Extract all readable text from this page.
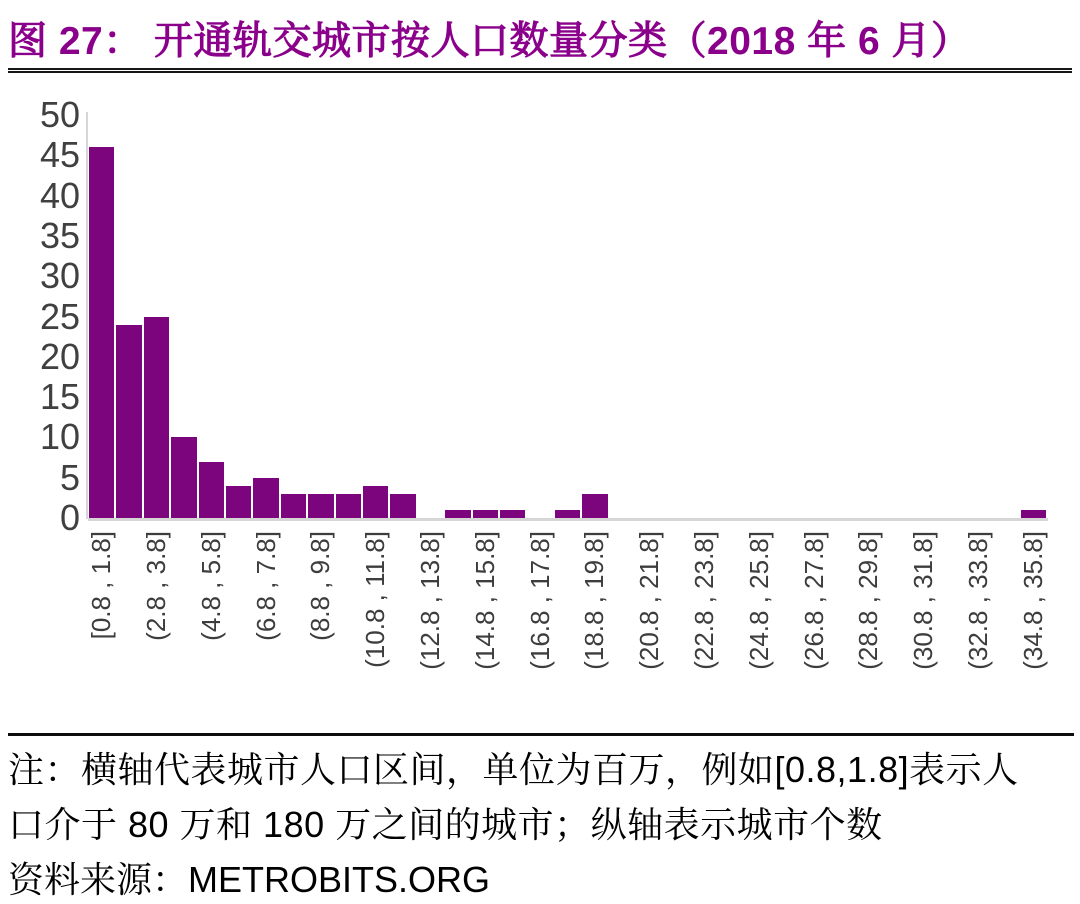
图 27： 开通轨交城市按人口数量分类（2018 年 6 月）
0
5
10
15
20
25
30
35
40
45
50
[0.8 , 1.8] (2.8 , 3.8] (4.8 , 5.8] (6.8 , 7.8] (8.8 , 9.8] (10.8 , 11.8] (12.8 , 13.8] (14.8 , 15.8] (16.8 , 17.8] (18.8 , 19.8] (20.8 , 21.8] (22.8 , 23.8] (24.8 , 25.8] (26.8 , 27.8] (28.8 , 29.8] (30.8 , 31.8] (32.8 , 33.8] (34.8 , 35.8]
注：横轴代表城市人口区间，单位为百万，例如[0.8,1.8]表示人
口介于 80 万和 180 万之间的城市；纵轴表示城市个数
资料来源：METROBITS.ORG
